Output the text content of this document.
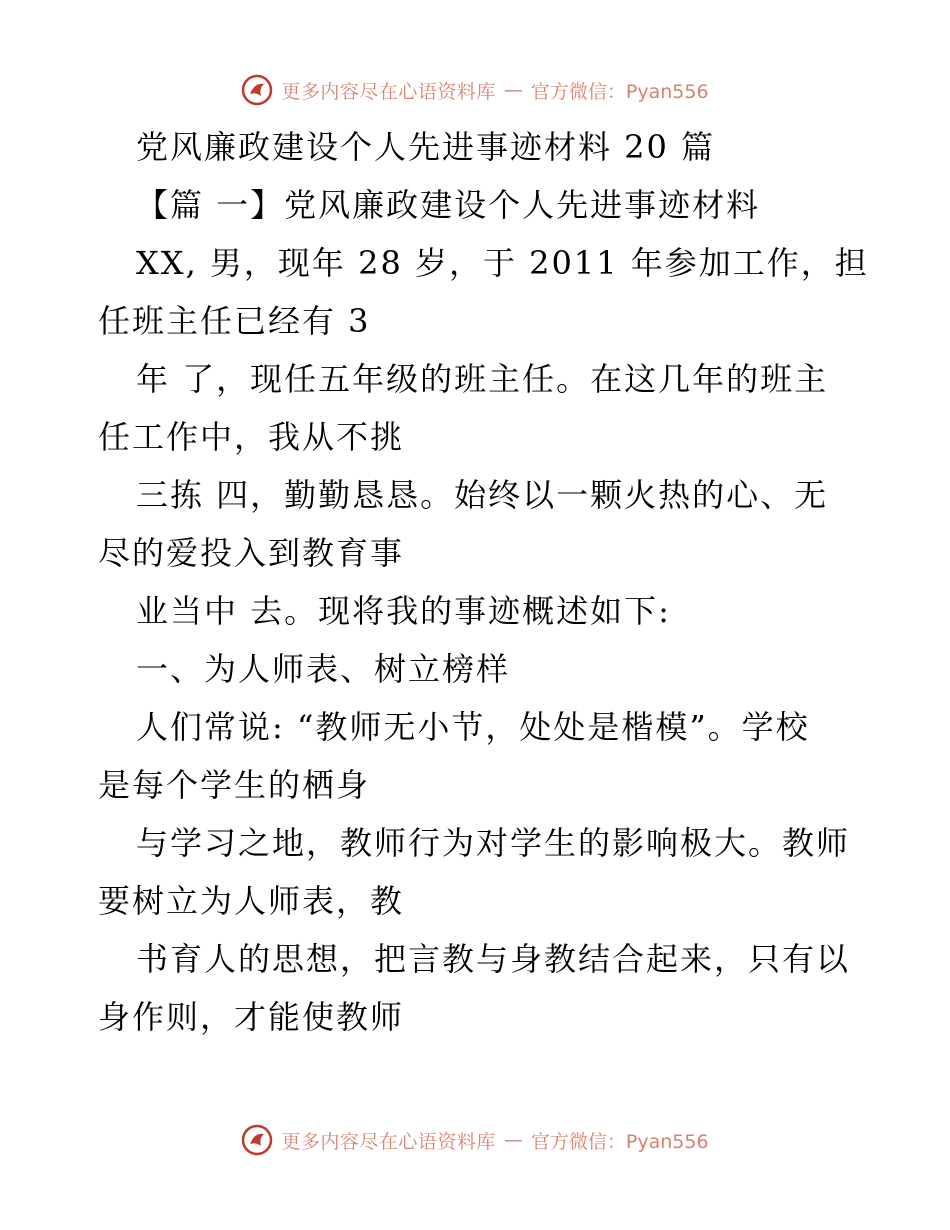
更多内容尽在心语资料库 — 官方微信：Pyan556
党风廉政建设个人先进事迹材料 20 篇
【篇 一】党风廉政建设个人先进事迹材料
XX, 男，现年 28 岁，于 2011 年参加工作，担
任班主任已经有 3
年 了，现任五年级的班主任。在这几年的班主
任工作中，我从不挑
三拣 四，勤勤恳恳。始终以一颗火热的心、无
尽的爱投入到教育事
业当中 去。现将我的事迹概述如下:
一、为人师表、树立榜样
人们常说: “教师无小节，处处是楷模”。学校
是每个学生的栖身
与学习之地，教师行为对学生的影响极大。教师
要树立为人师表，教
书育人的思想，把言教与身教结合起来，只有以
身作则，才能使教师
更多内容尽在心语资料库 — 官方微信：Pyan556
